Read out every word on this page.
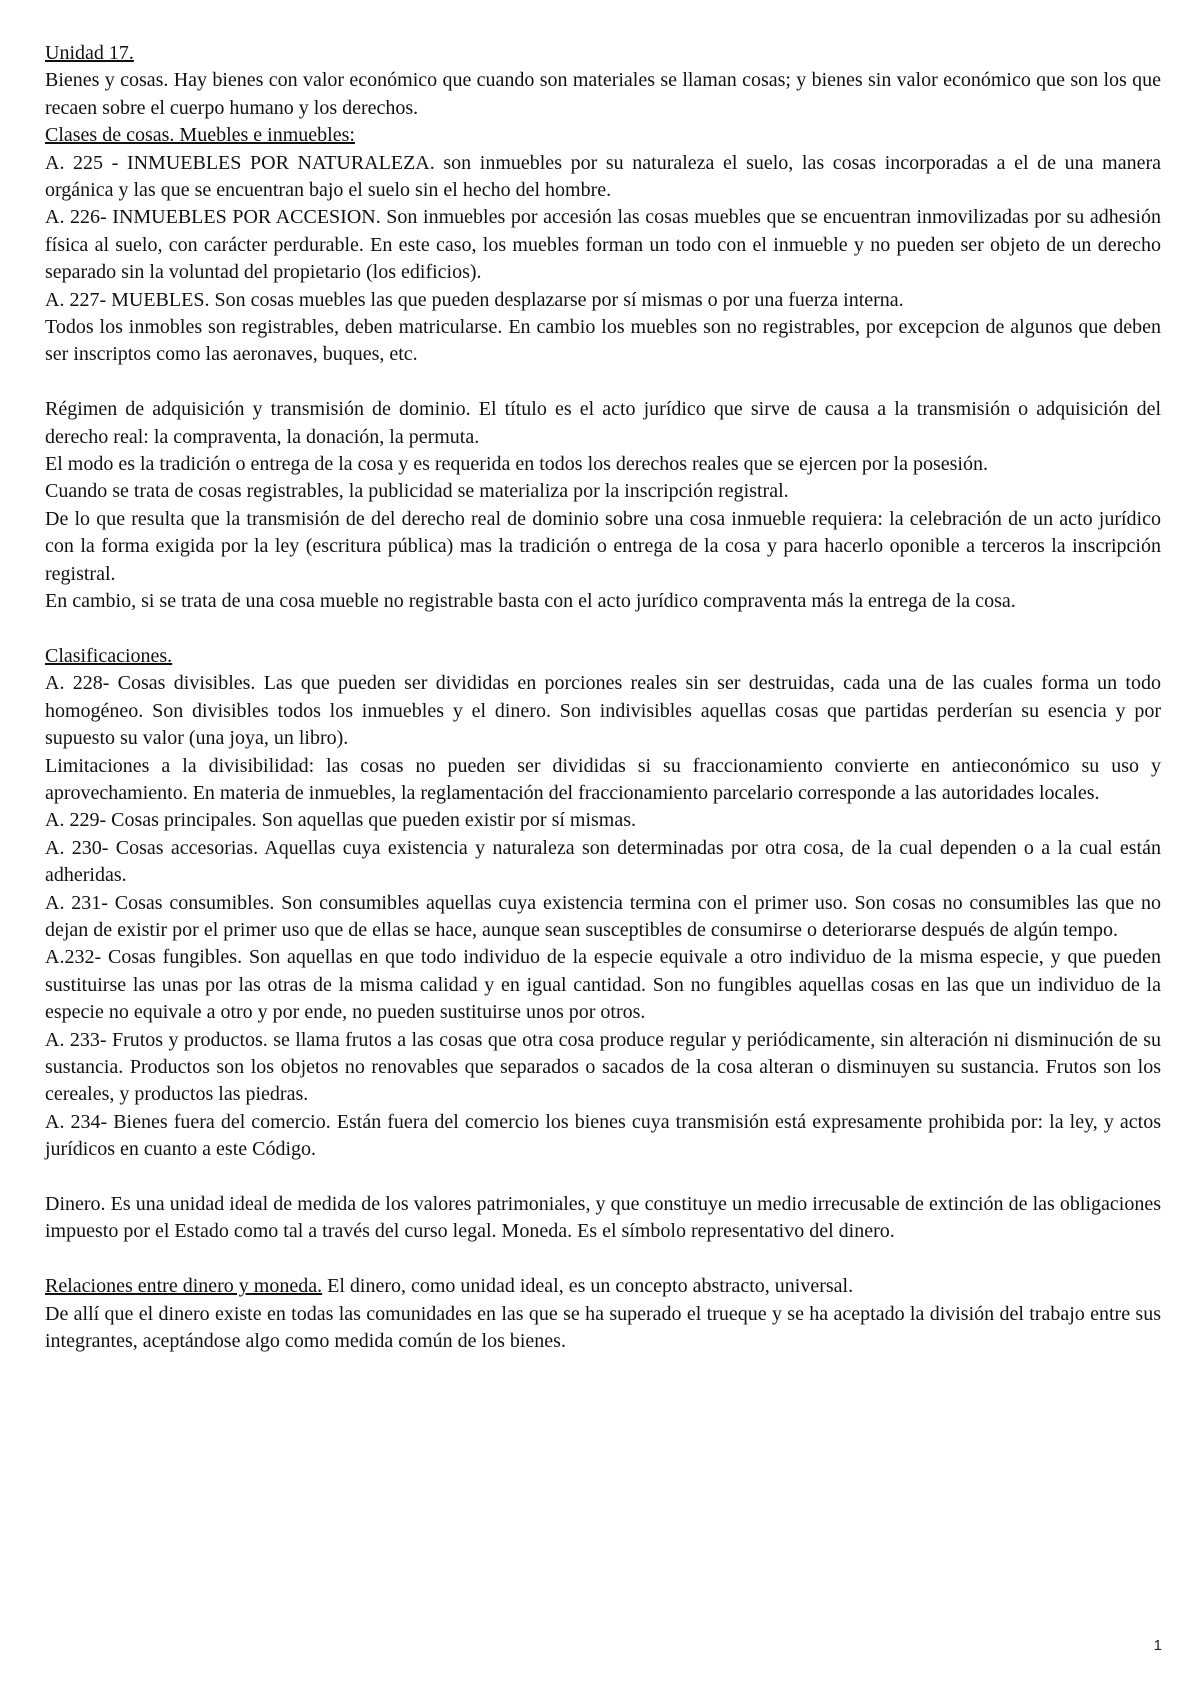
Unidad 17.

Bienes y cosas. Hay bienes con valor económico que cuando son materiales se llaman cosas; y bienes sin valor económico que son los que recaen sobre el cuerpo humano y los derechos.

Clases de cosas. Muebles e inmuebles:

A. 225 - INMUEBLES POR NATURALEZA. son inmuebles por su naturaleza el suelo, las cosas incorporadas a el de una manera orgánica y las que se encuentran bajo el suelo sin el hecho del hombre.

A. 226- INMUEBLES POR ACCESION. Son inmuebles por accesión las cosas muebles que se encuentran inmovilizadas por su adhesión física al suelo, con carácter perdurable. En este caso, los muebles forman un todo con el inmueble y no pueden ser objeto de un derecho separado sin la voluntad del propietario (los edificios).

A. 227- MUEBLES. Son cosas muebles las que pueden desplazarse por sí mismas o por una fuerza interna.

Todos los inmobles son registrables, deben matricularse. En cambio los muebles son no registrables, por excepcion de algunos que deben ser inscriptos como las aeronaves, buques, etc.

Régimen de adquisición y transmisión de dominio. El título es el acto jurídico que sirve de causa a la transmisión o adquisición del derecho real: la compraventa, la donación, la permuta.

El modo es la tradición o entrega de la cosa y es requerida en todos los derechos reales que se ejercen por la posesión.

Cuando se trata de cosas registrables, la publicidad se materializa por la inscripción registral.

De lo que resulta que la transmisión de del derecho real de dominio sobre una cosa inmueble requiera: la celebración de un acto jurídico con la forma exigida por la ley (escritura pública) mas la tradición o entrega de la cosa y para hacerlo oponible a terceros la inscripción registral.

En cambio, si se trata de una cosa mueble no registrable basta con el acto jurídico compraventa más la entrega de la cosa.

Clasificaciones.

A. 228- Cosas divisibles. Las que pueden ser divididas en porciones reales sin ser destruidas, cada una de las cuales forma un todo homogéneo. Son divisibles todos los inmuebles y el dinero. Son indivisibles aquellas cosas que partidas perderían su esencia y por supuesto su valor (una joya, un libro).

Limitaciones a la divisibilidad: las cosas no pueden ser divididas si su fraccionamiento convierte en antieconómico su uso y aprovechamiento. En materia de inmuebles, la reglamentación del fraccionamiento parcelario corresponde a las autoridades locales.

A. 229- Cosas principales. Son aquellas que pueden existir por sí mismas.

A. 230- Cosas accesorias. Aquellas cuya existencia y naturaleza son determinadas por otra cosa, de la cual dependen o a la cual están adheridas.

A. 231- Cosas consumibles. Son consumibles aquellas cuya existencia termina con el primer uso. Son cosas no consumibles las que no dejan de existir por el primer uso que de ellas se hace, aunque sean susceptibles de consumirse o deteriorarse después de algún tempo.

A.232- Cosas fungibles. Son aquellas en que todo individuo de la especie equivale a otro individuo de la misma especie, y que pueden sustituirse las unas por las otras de la misma calidad y en igual cantidad. Son no fungibles aquellas cosas en las que un individuo de la especie no equivale a otro y por ende, no pueden sustituirse unos por otros.

A. 233- Frutos y productos. se llama frutos a las cosas que otra cosa produce regular y periódicamente, sin alteración ni disminución de su sustancia. Productos son los objetos no renovables que separados o sacados de la cosa alteran o disminuyen su sustancia. Frutos son los cereales, y productos las piedras.

A. 234- Bienes fuera del comercio. Están fuera del comercio los bienes cuya transmisión está expresamente prohibida por: la ley, y actos jurídicos en cuanto a este Código.

Dinero. Es una unidad ideal de medida de los valores patrimoniales, y que constituye un medio irrecusable de extinción de las obligaciones impuesto por el Estado como tal a través del curso legal. Moneda. Es el símbolo representativo del dinero.

Relaciones entre dinero y moneda. El dinero, como unidad ideal, es un concepto abstracto, universal.

De allí que el dinero existe en todas las comunidades en las que se ha superado el trueque y se ha aceptado la división del trabajo entre sus integrantes, aceptándose algo como medida común de los bienes.

1
